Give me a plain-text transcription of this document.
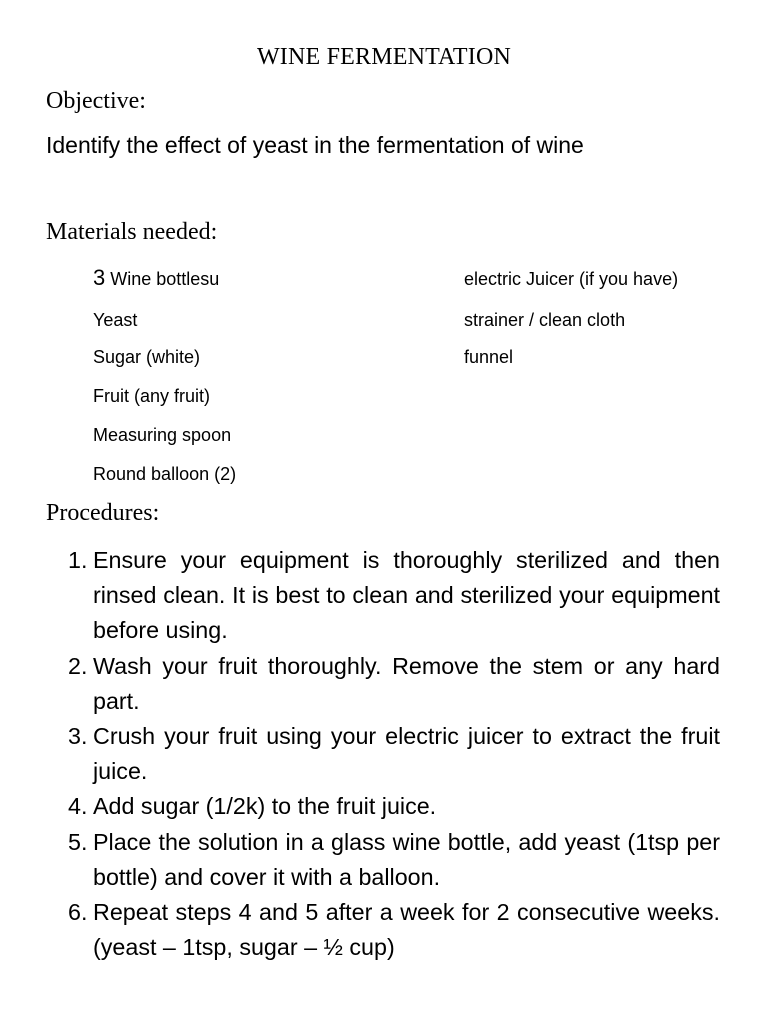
WINE FERMENTATION
Objective:
Identify the effect of yeast in the fermentation of wine
Materials needed:
3 Wine bottlesu
Yeast
Sugar (white)
Fruit (any fruit)
Measuring spoon
Round balloon (2)
electric Juicer (if you have)
strainer / clean cloth
funnel
Procedures:
1. Ensure your equipment is thoroughly sterilized and then rinsed clean. It is best to clean and sterilized your equipment before using.
2. Wash your fruit thoroughly. Remove the stem or any hard part.
3. Crush your fruit using your electric juicer to extract the fruit juice.
4. Add sugar (1/2k) to the fruit juice.
5. Place the solution in a glass wine bottle, add yeast (1tsp per bottle) and cover it with a balloon.
6. Repeat steps 4 and 5 after a week for 2 consecutive weeks. (yeast – 1tsp, sugar – ½ cup)
